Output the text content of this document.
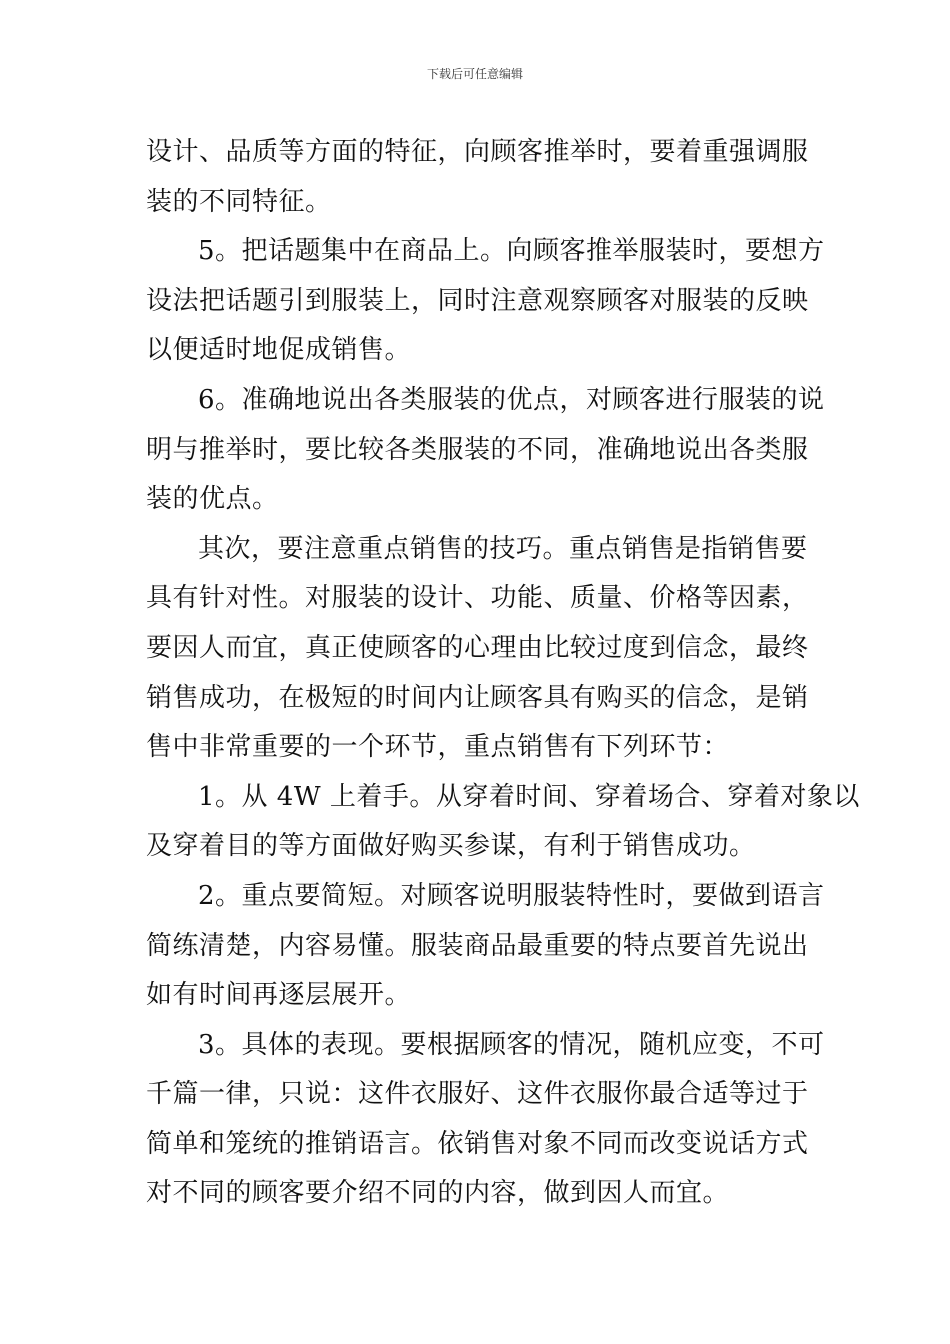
下载后可任意编辑
设计、品质等方面的特征，向顾客推举时，要着重强调服
装的不同特征。
5。把话题集中在商品上。向顾客推举服装时，要想方
设法把话题引到服装上，同时注意观察顾客对服装的反映
以便适时地促成销售。
6。准确地说出各类服装的优点，对顾客进行服装的说
明与推举时，要比较各类服装的不同，准确地说出各类服
装的优点。
其次，要注意重点销售的技巧。重点销售是指销售要
具有针对性。对服装的设计、功能、质量、价格等因素，
要因人而宜，真正使顾客的心理由比较过度到信念，最终
销售成功，在极短的时间内让顾客具有购买的信念，是销
售中非常重要的一个环节，重点销售有下列环节：
1。从 4W 上着手。从穿着时间、穿着场合、穿着对象以
及穿着目的等方面做好购买参谋，有利于销售成功。
2。重点要简短。对顾客说明服装特性时，要做到语言
简练清楚，内容易懂。服装商品最重要的特点要首先说出
如有时间再逐层展开。
3。具体的表现。要根据顾客的情况，随机应变，不可
千篇一律，只说：这件衣服好、这件衣服你最合适等过于
简单和笼统的推销语言。依销售对象不同而改变说话方式
对不同的顾客要介绍不同的内容，做到因人而宜。
